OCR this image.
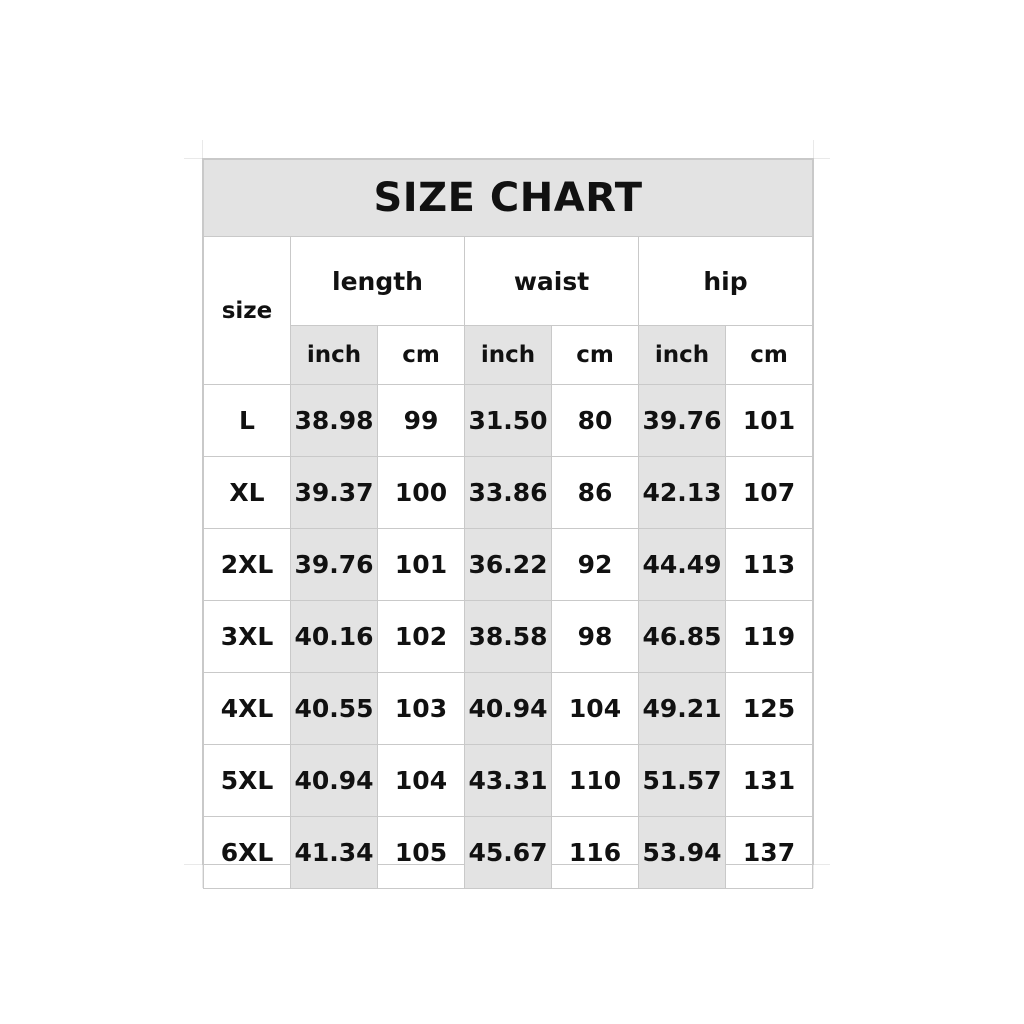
SIZE CHART						
size	length		waist		hip	
	inch	cm	inch	cm	inch	cm
L	38.98	99	31.50	80	39.76	101
XL	39.37	100	33.86	86	42.13	107
2XL	39.76	101	36.22	92	44.49	113
3XL	40.16	102	38.58	98	46.85	119
4XL	40.55	103	40.94	104	49.21	125
5XL	40.94	104	43.31	110	51.57	131
6XL	41.34	105	45.67	116	53.94	137
